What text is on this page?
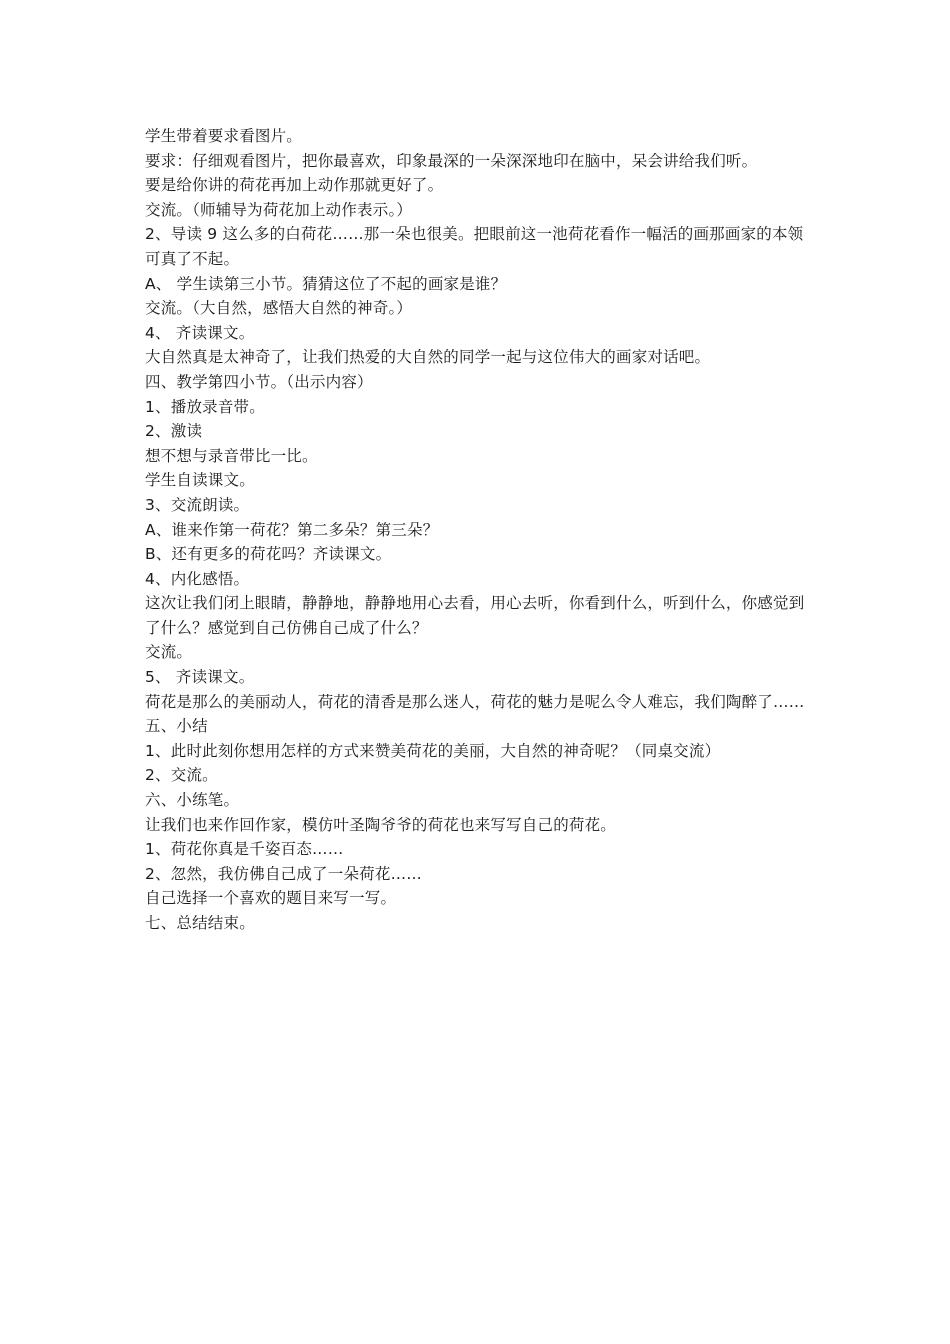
学生带着要求看图片。

要求：仔细观看图片，把你最喜欢，印象最深的一朵深深地印在脑中，呆会讲给我们听。

要是给你讲的荷花再加上动作那就更好了。

交流。（师辅导为荷花加上动作表示。）

2、导读 9 这么多的白荷花……那一朵也很美。把眼前这一池荷花看作一幅活的画那画家的本领可真了不起。

A、 学生读第三小节。猜猜这位了不起的画家是谁？

交流。（大自然，感悟大自然的神奇。）

4、 齐读课文。

大自然真是太神奇了，让我们热爱的大自然的同学一起与这位伟大的画家对话吧。

四、教学第四小节。（出示内容）

1、播放录音带。

2、激读

想不想与录音带比一比。

学生自读课文。

3、交流朗读。

A、谁来作第一荷花？第二多朵？第三朵？

B、还有更多的荷花吗？齐读课文。

4、内化感悟。

这次让我们闭上眼睛，静静地，静静地用心去看，用心去听，你看到什么，听到什么，你感觉到了什么？感觉到自己仿佛自己成了什么？

交流。

5、 齐读课文。

荷花是那么的美丽动人，荷花的清香是那么迷人，荷花的魅力是呢么令人难忘，我们陶醉了……

五、小结

1、此时此刻你想用怎样的方式来赞美荷花的美丽，大自然的神奇呢？（同桌交流）

2、交流。

六、小练笔。

让我们也来作回作家，模仿叶圣陶爷爷的荷花也来写写自己的荷花。

1、荷花你真是千姿百态……

2、忽然，我仿佛自己成了一朵荷花……

自己选择一个喜欢的题目来写一写。

七、总结结束。
